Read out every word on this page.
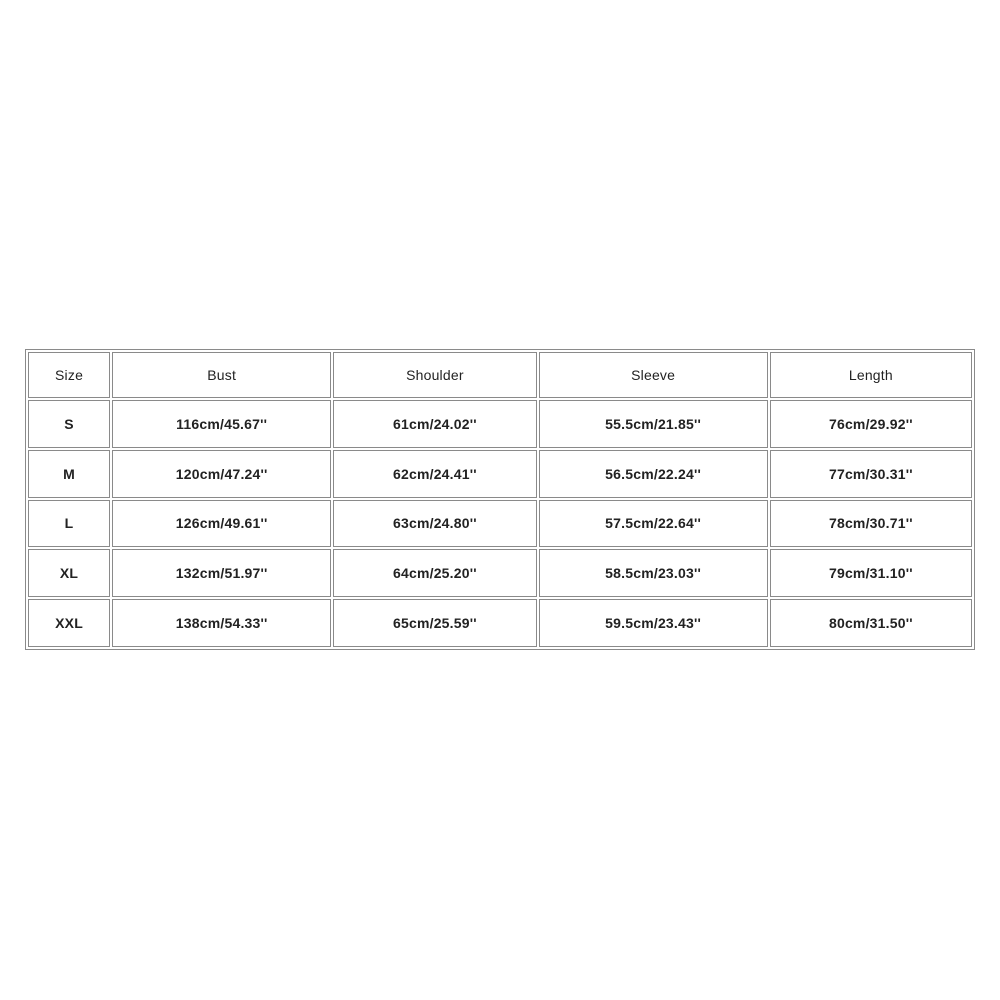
Size	Bust	Shoulder	Sleeve	Length
S	116cm/45.67''	61cm/24.02''	55.5cm/21.85''	76cm/29.92''
M	120cm/47.24''	62cm/24.41''	56.5cm/22.24''	77cm/30.31''
L	126cm/49.61''	63cm/24.80''	57.5cm/22.64''	78cm/30.71''
XL	132cm/51.97''	64cm/25.20''	58.5cm/23.03''	79cm/31.10''
XXL	138cm/54.33''	65cm/25.59''	59.5cm/23.43''	80cm/31.50''
